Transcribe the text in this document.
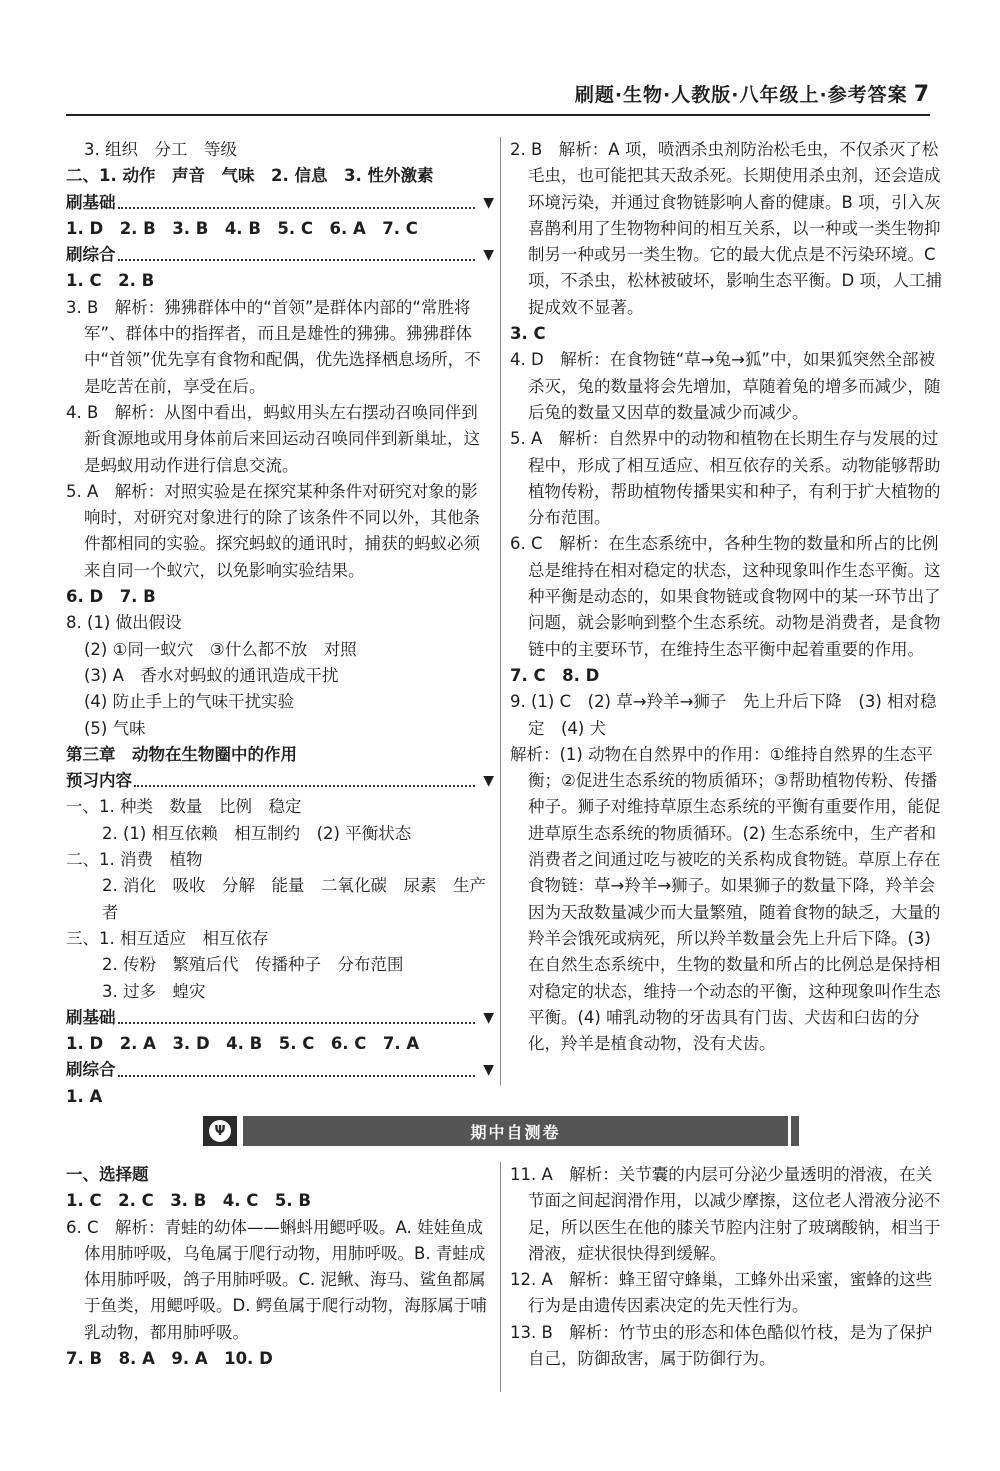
刷题·生物·人教版·八年级上·参考答案 7
3. 组织　分工　等级
二、1. 动作　声音　气味　2. 信息　3. 性外激素
刷基础	▼
1. D　2. B　3. B　4. B　5. C　6. A　7. C
刷综合	▼
1. C　2. B
3. B　解析：狒狒群体中的“首领”是群体内部的“常胜将军”、群体中的指挥者，而且是雄性的狒狒。狒狒群体中“首领”优先享有食物和配偶，优先选择栖息场所，不是吃苦在前，享受在后。
4. B　解析：从图中看出，蚂蚁用头左右摆动召唤同伴到新食源地或用身体前后来回运动召唤同伴到新巢址，这是蚂蚁用动作进行信息交流。
5. A　解析：对照实验是在探究某种条件对研究对象的影响时，对研究对象进行的除了该条件不同以外，其他条件都相同的实验。探究蚂蚁的通讯时，捕获的蚂蚁必须来自同一个蚁穴，以免影响实验结果。
6. D　7. B
8. (1) 做出假设
(2) ①同一蚁穴　③什么都不放　对照
(3) A　香水对蚂蚁的通讯造成干扰
(4) 防止手上的气味干扰实验
(5) 气味
第三章　动物在生物圈中的作用
预习内容	▼
一、1. 种类　数量　比例　稳定
2. (1) 相互依赖　相互制约　(2) 平衡状态
二、1. 消费　植物
2. 消化　吸收　分解　能量　二氧化碳　尿素　生产者
三、1. 相互适应　相互依存
2. 传粉　繁殖后代　传播种子　分布范围
3. 过多　蝗灾
刷基础	▼
1. D　2. A　3. D　4. B　5. C　6. C　7. A
刷综合	▼
1. A
2. B　解析：A 项，喷洒杀虫剂防治松毛虫，不仅杀灭了松毛虫，也可能把其天敌杀死。长期使用杀虫剂，还会造成环境污染，并通过食物链影响人畜的健康。B 项，引入灰喜鹊利用了生物物种间的相互关系，以一种或一类生物抑制另一种或另一类生物。它的最大优点是不污染环境。C 项，不杀虫，松林被破坏，影响生态平衡。D 项，人工捕捉成效不显著。
3. C
4. D　解析：在食物链“草→兔→狐”中，如果狐突然全部被杀灭，兔的数量将会先增加，草随着兔的增多而减少，随后兔的数量又因草的数量减少而减少。
5. A　解析：自然界中的动物和植物在长期生存与发展的过程中，形成了相互适应、相互依存的关系。动物能够帮助植物传粉，帮助植物传播果实和种子，有利于扩大植物的分布范围。
6. C　解析：在生态系统中，各种生物的数量和所占的比例总是维持在相对稳定的状态，这种现象叫作生态平衡。这种平衡是动态的，如果食物链或食物网中的某一环节出了问题，就会影响到整个生态系统。动物是消费者，是食物链中的主要环节，在维持生态平衡中起着重要的作用。
7. C　8. D
9. (1) C　(2) 草→羚羊→狮子　先上升后下降　(3) 相对稳定　(4) 犬
解析：(1) 动物在自然界中的作用：①维持自然界的生态平衡；②促进生态系统的物质循环；③帮助植物传粉、传播种子。狮子对维持草原生态系统的平衡有重要作用，能促进草原生态系统的物质循环。(2) 生态系统中，生产者和消费者之间通过吃与被吃的关系构成食物链。草原上存在食物链：草→羚羊→狮子。如果狮子的数量下降，羚羊会因为天敌数量减少而大量繁殖，随着食物的缺乏，大量的羚羊会饿死或病死，所以羚羊数量会先上升后下降。(3) 在自然生态系统中，生物的数量和所占的比例总是保持相对稳定的状态，维持一个动态的平衡，这种现象叫作生态平衡。(4) 哺乳动物的牙齿具有门齿、犬齿和臼齿的分化，羚羊是植食动物，没有犬齿。
Ψ	期中自测卷
一、选择题
1. C　2. C　3. B　4. C　5. B
6. C　解析：青蛙的幼体——蝌蚪用鳃呼吸。A. 娃娃鱼成体用肺呼吸，乌龟属于爬行动物，用肺呼吸。B. 青蛙成体用肺呼吸，鸽子用肺呼吸。C. 泥鳅、海马、鲨鱼都属于鱼类，用鳃呼吸。D. 鳄鱼属于爬行动物，海豚属于哺乳动物，都用肺呼吸。
7. B　8. A　9. A　10. D
11. A　解析：关节囊的内层可分泌少量透明的滑液，在关节面之间起润滑作用，以减少摩擦，这位老人滑液分泌不足，所以医生在他的膝关节腔内注射了玻璃酸钠，相当于滑液，症状很快得到缓解。
12. A　解析：蜂王留守蜂巢，工蜂外出采蜜，蜜蜂的这些行为是由遗传因素决定的先天性行为。
13. B　解析：竹节虫的形态和体色酷似竹枝，是为了保护自己，防御敌害，属于防御行为。
